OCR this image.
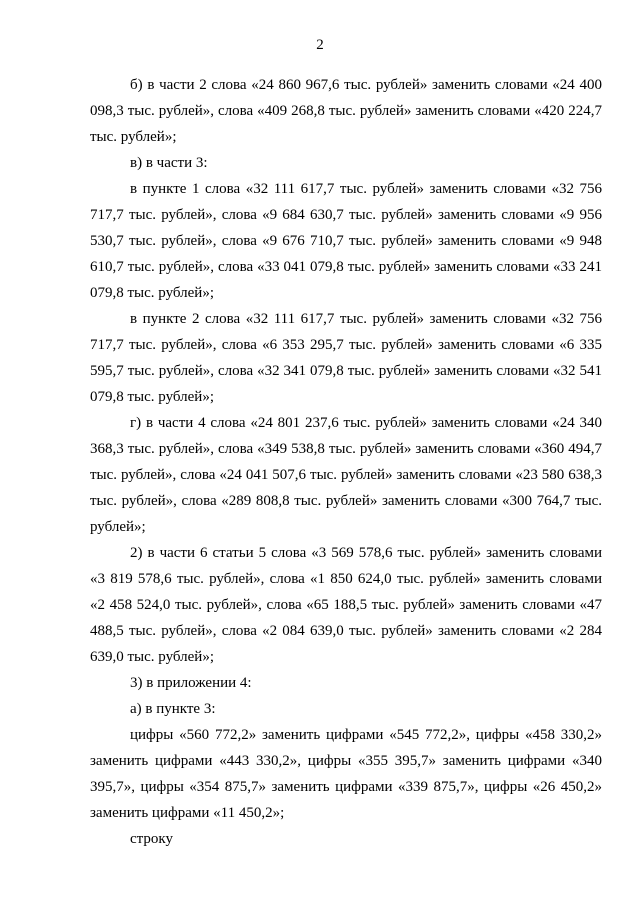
2

б) в части 2 слова «24 860 967,6 тыс. рублей» заменить словами «24 400 098,3 тыс. рублей», слова «409 268,8 тыс. рублей» заменить словами «420 224,7 тыс. рублей»;

в) в части 3:

в пункте 1 слова «32 111 617,7 тыс. рублей» заменить словами «32 756 717,7 тыс. рублей», слова «9 684 630,7 тыс. рублей» заменить словами «9 956 530,7 тыс. рублей», слова «9 676 710,7 тыс. рублей» заменить словами «9 948 610,7 тыс. рублей», слова «33 041 079,8 тыс. рублей» заменить словами «33 241 079,8 тыс. рублей»;

в пункте 2 слова «32 111 617,7 тыс. рублей» заменить словами «32 756 717,7 тыс. рублей», слова «6 353 295,7 тыс. рублей» заменить словами «6 335 595,7 тыс. рублей», слова «32 341 079,8 тыс. рублей» заменить словами «32 541 079,8 тыс. рублей»;

г) в части 4 слова «24 801 237,6 тыс. рублей» заменить словами «24 340 368,3 тыс. рублей», слова «349 538,8 тыс. рублей» заменить словами «360 494,7 тыс. рублей», слова «24 041 507,6 тыс. рублей» заменить словами «23 580 638,3 тыс. рублей», слова «289 808,8 тыс. рублей» заменить словами «300 764,7 тыс. рублей»;

2) в части 6 статьи 5 слова «3 569 578,6 тыс. рублей» заменить словами «3 819 578,6 тыс. рублей», слова «1 850 624,0 тыс. рублей» заменить словами «2 458 524,0 тыс. рублей», слова «65 188,5 тыс. рублей» заменить словами «47 488,5 тыс. рублей», слова «2 084 639,0 тыс. рублей» заменить словами «2 284 639,0 тыс. рублей»;

3) в приложении 4:

а) в пункте 3:

цифры «560 772,2» заменить цифрами «545 772,2», цифры «458 330,2» заменить цифрами «443 330,2», цифры «355 395,7» заменить цифрами «340 395,7», цифры «354 875,7» заменить цифрами «339 875,7», цифры «26 450,2» заменить цифрами «11 450,2»;

строку
